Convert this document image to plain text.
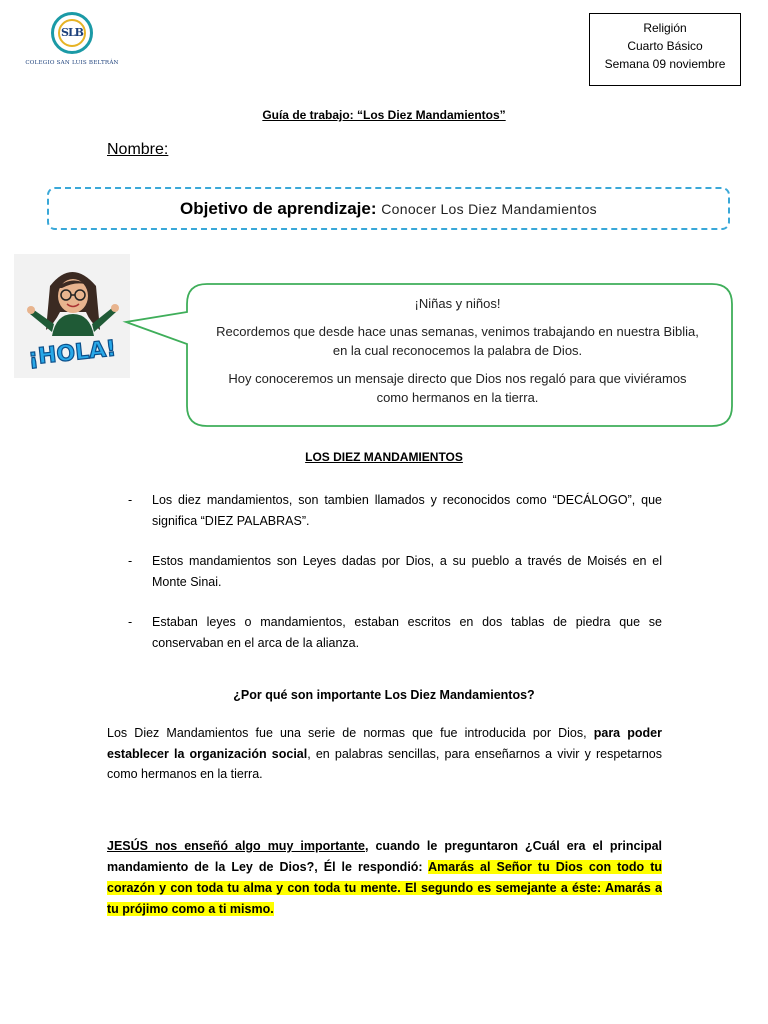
SLB
COLEGIO SAN LUIS BELTRÁN
Religión
Cuarto Básico
Semana 09 noviembre
Guía de trabajo: “Los Diez Mandamientos”
Nombre:
Objetivo de aprendizaje: Conocer Los Diez Mandamientos
¡HOLA!

¡Niñas y niños!

Recordemos que desde hace unas semanas, venimos trabajando en nuestra Biblia, en la cual reconocemos la palabra de Dios.

Hoy conoceremos un mensaje directo que Dios nos regaló para que viviéramos como hermanos en la tierra.

LOS DIEZ MANDAMIENTOS
- Los diez mandamientos, son tambien llamados y reconocidos como “DECÁLOGO”, que significa “DIEZ PALABRAS”.
- Estos mandamientos son Leyes dadas por Dios, a su pueblo a través de Moisés en el Monte Sinai.
- Estaban leyes o mandamientos, estaban escritos en dos tablas de piedra que se conservaban en el arca de la alianza.
¿Por qué son importante Los Diez Mandamientos?
Los Diez Mandamientos fue una serie de normas que fue introducida por Dios, para poder establecer la organización social, en palabras sencillas, para enseñarnos a vivir y respetarnos como hermanos en la tierra.
JESÚS nos enseñó algo muy importante, cuando le preguntaron ¿Cuál era el principal mandamiento de la Ley de Dios?, Él le respondió: Amarás al Señor tu Dios con todo tu corazón y con toda tu alma y con toda tu mente. El segundo es semejante a éste: Amarás a tu prójimo como a ti mismo.
